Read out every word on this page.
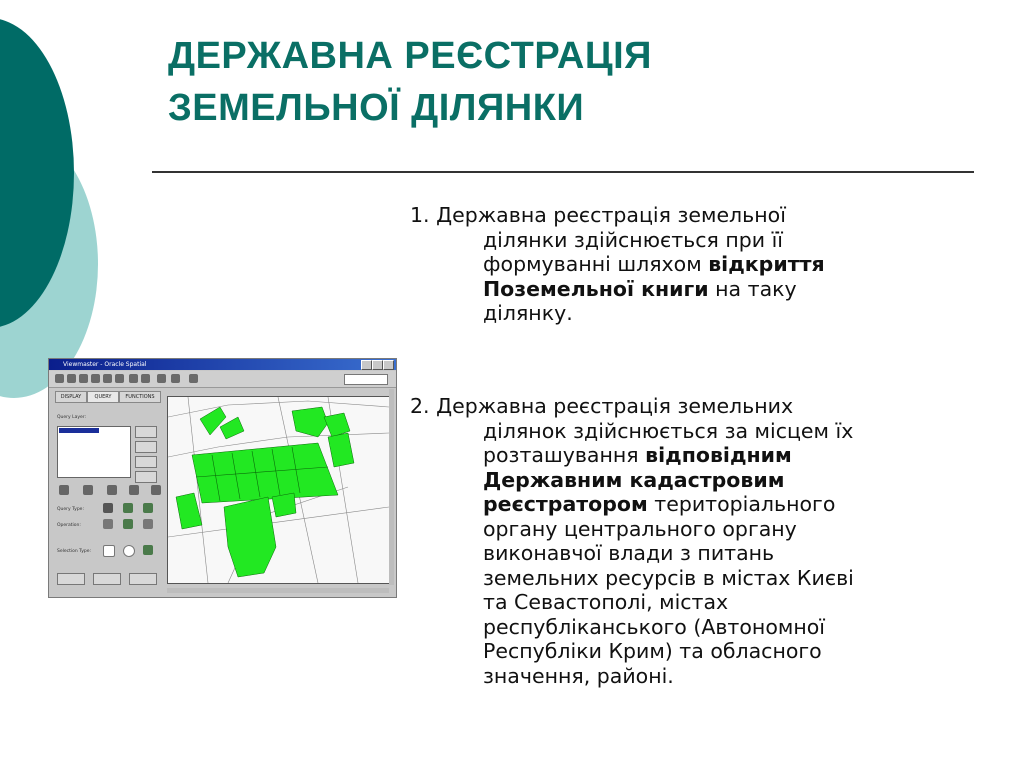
ДЕРЖАВНА РЕЄСТРАЦІЯ
ЗЕМЕЛЬНОЇ ДІЛЯНКИ
1. Державна реєстрація земельної
ділянки здійснюється при її
формуванні шляхом відкриття
Поземельної книги на таку
ділянку.
2. Державна реєстрація земельних
ділянок здійснюється за місцем їх
розташування відповідним
Державним кадастровим
реєстратором територіального
органу центрального органу
виконавчої влади з питань
земельних ресурсів в містах Києві
та Севастополі, містах
республіканського (Автономної
Республіки Крим) та обласного
значення, районі.
Viewmaster - Oracle Spatial
DISPLAY	QUERY	FUNCTIONS
Query Layer:
Query Type:
Operation:
Selection Type:
